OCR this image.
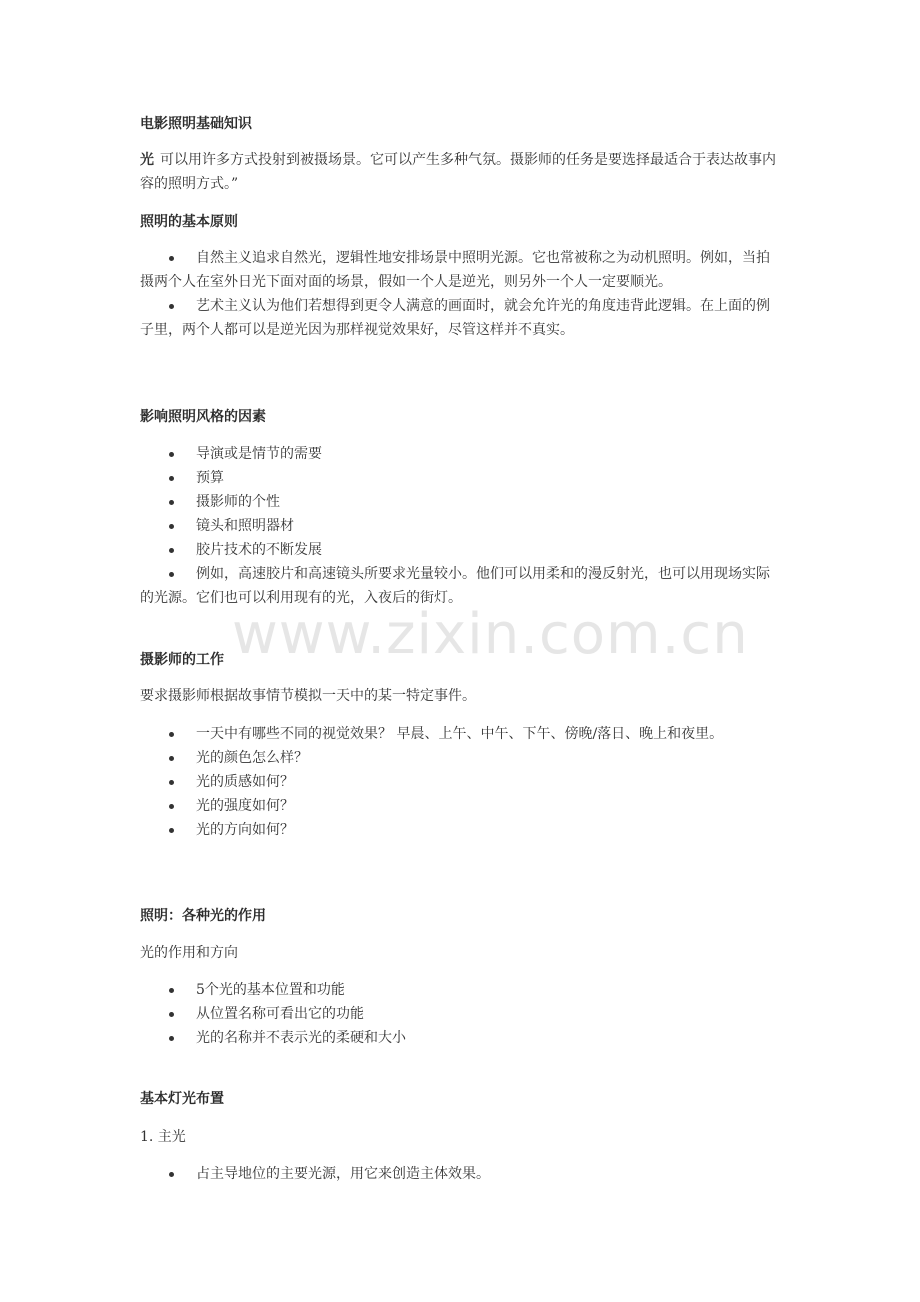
www.zixin.com.cn

电影照明基础知识

光 可以用许多方式投射到被摄场景。它可以产生多种气氛。摄影师的任务是要选择最适合于表达故事内容的照明方式。”

照明的基本原则

自然主义追求自然光，逻辑性地安排场景中照明光源。它也常被称之为动机照明。例如，当拍摄两个人在室外日光下面对面的场景，假如一个人是逆光，则另外一个人一定要顺光。
艺术主义认为他们若想得到更令人满意的画面时，就会允许光的角度违背此逻辑。在上面的例子里，两个人都可以是逆光因为那样视觉效果好，尽管这样并不真实。

影响照明风格的因素

导演或是情节的需要
预算
摄影师的个性
镜头和照明器材
胶片技术的不断发展
例如，高速胶片和高速镜头所要求光量较小。他们可以用柔和的漫反射光，也可以用现场实际的光源。它们也可以利用现有的光，入夜后的街灯。

摄影师的工作

要求摄影师根据故事情节模拟一天中的某一特定事件。

一天中有哪些不同的视觉效果？ 早晨、上午、中午、下午、傍晚/落日、晚上和夜里。
光的颜色怎么样？
光的质感如何？
光的强度如何？
光的方向如何？

照明：各种光的作用

光的作用和方向

5个光的基本位置和功能
从位置名称可看出它的功能
光的名称并不表示光的柔硬和大小

基本灯光布置

1. 主光

占主导地位的主要光源，用它来创造主体效果。
